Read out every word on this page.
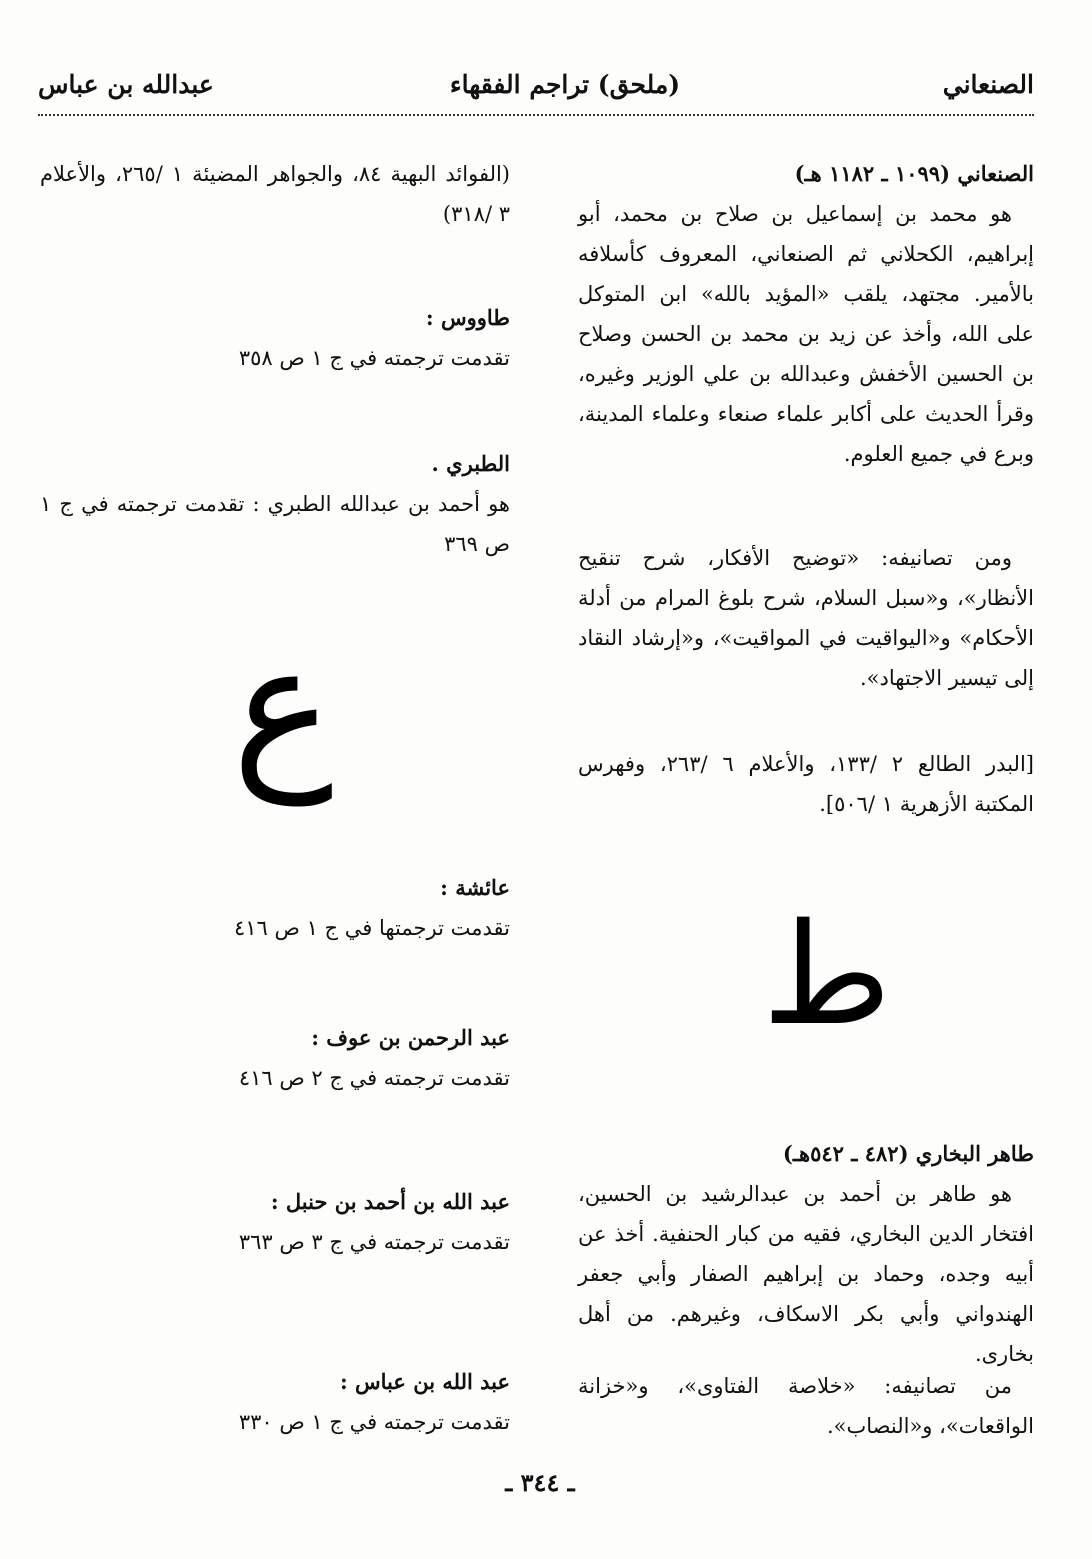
الصنعاني
(ملحق) تراجم الفقهاء
عبدالله بن عباس

الصنعاني (١٠٩٩ ـ ١١٨٢ هـ)

هو محمد بن إسماعيل بن صلاح بن محمد، أبو إبراهيم، الكحلاني ثم الصنعاني، المعروف كأسلافه بالأمير. مجتهد، يلقب «المؤيد بالله» ابن المتوكل على الله، وأخذ عن زيد بن محمد بن الحسن وصلاح بن الحسين الأخفش وعبدالله بن علي الوزير وغيره، وقرأ الحديث على أكابر علماء صنعاء وعلماء المدينة، وبرع في جميع العلوم.

ومن تصانيفه: «توضيح الأفكار، شرح تنقيح الأنظار»، و«سبل السلام، شرح بلوغ المرام من أدلة الأحكام» و«اليواقيت في المواقيت»، و«إرشاد النقاد إلى تيسير الاجتهاد».

[البدر الطالع ٢ /١٣٣، والأعلام ٦ /٢٦٣، وفهرس المكتبة الأزهرية ١ /٥٠٦].

ط

طاهر البخاري (٤٨٢ ـ ٥٤٢هـ)

هو طاهر بن أحمد بن عبدالرشيد بن الحسين، افتخار الدين البخاري، فقيه من كبار الحنفية. أخذ عن أبيه وجده، وحماد بن إبراهيم الصفار وأبي جعفر الهندواني وأبي بكر الاسكاف، وغيرهم. من أهل بخارى.

من تصانيفه: «خلاصة الفتاوى»، و«خزانة الواقعات»، و«النصاب».

(الفوائد البهية ٨٤، والجواهر المضيئة ١ /٢٦٥، والأعلام ٣ /٣١٨)

طاووس :

تقدمت ترجمته في ج ١ ص ٣٥٨

الطبري .

هو أحمد بن عبدالله الطبري : تقدمت ترجمته في ج ١ ص ٣٦٩

ع

عائشة :

تقدمت ترجمتها في ج ١ ص ٤١٦

عبد الرحمن بن عوف :

تقدمت ترجمته في ج ٢ ص ٤١٦

عبد الله بن أحمد بن حنبل :

تقدمت ترجمته في ج ٣ ص ٣٦٣

عبد الله بن عباس :

تقدمت ترجمته في ج ١ ص ٣٣٠

ـ ٣٤٤ ـ
